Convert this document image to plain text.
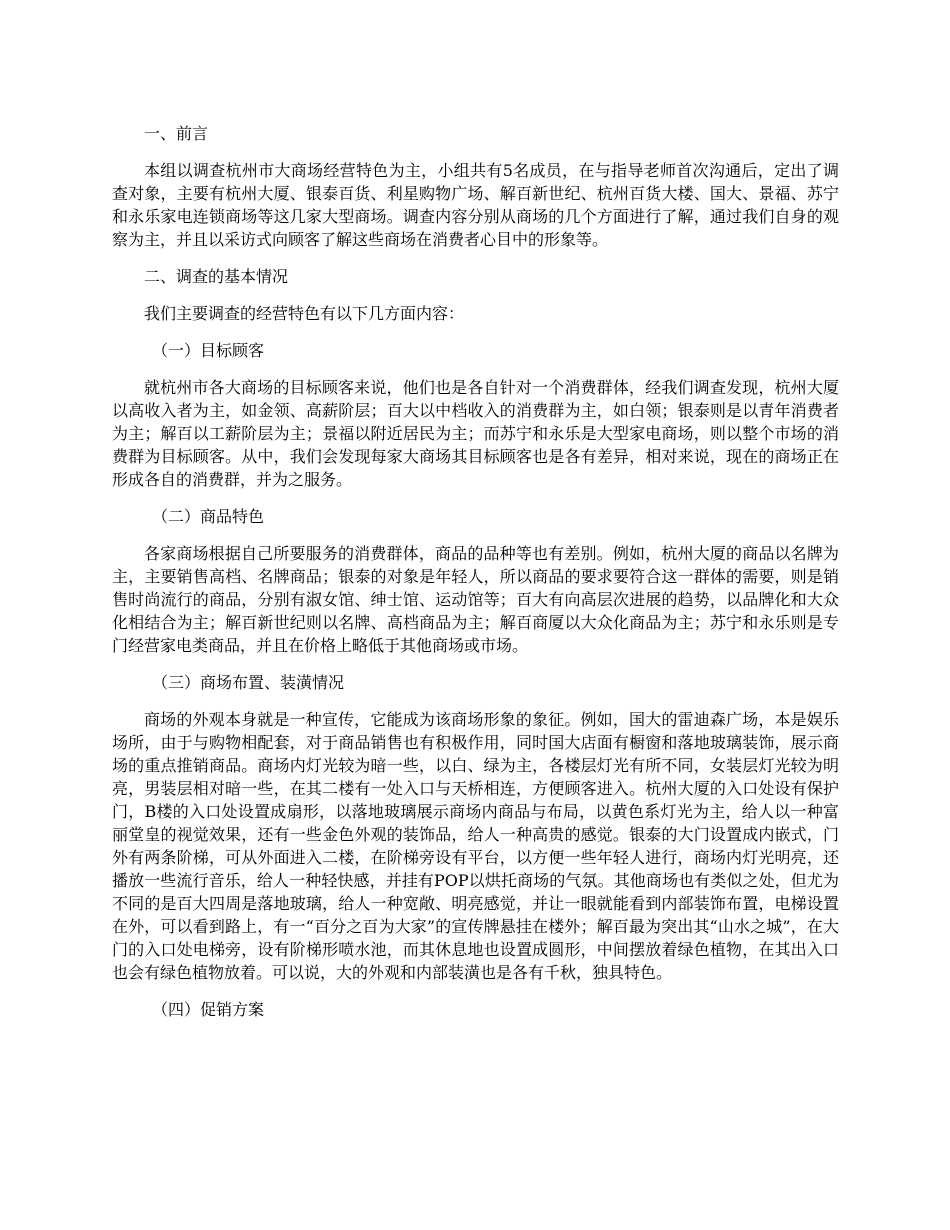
一、前言
本组以调查杭州市大商场经营特色为主，小组共有5名成员，在与指导老师首次沟通后，定出了调查对象，主要有杭州大厦、银泰百货、利星购物广场、解百新世纪、杭州百货大楼、国大、景福、苏宁和永乐家电连锁商场等这几家大型商场。调查内容分别从商场的几个方面进行了解，通过我们自身的观察为主，并且以采访式向顾客了解这些商场在消费者心目中的形象等。
二、调查的基本情况
我们主要调查的经营特色有以下几方面内容：
（一）目标顾客
就杭州市各大商场的目标顾客来说，他们也是各自针对一个消费群体，经我们调查发现，杭州大厦以高收入者为主，如金领、高薪阶层；百大以中档收入的消费群为主，如白领；银泰则是以青年消费者为主；解百以工薪阶层为主；景福以附近居民为主；而苏宁和永乐是大型家电商场，则以整个市场的消费群为目标顾客。从中，我们会发现每家大商场其目标顾客也是各有差异，相对来说，现在的商场正在形成各自的消费群，并为之服务。
（二）商品特色
各家商场根据自己所要服务的消费群体，商品的品种等也有差别。例如，杭州大厦的商品以名牌为主，主要销售高档、名牌商品；银泰的对象是年轻人，所以商品的要求要符合这一群体的需要，则是销售时尚流行的商品，分别有淑女馆、绅士馆、运动馆等；百大有向高层次进展的趋势，以品牌化和大众化相结合为主；解百新世纪则以名牌、高档商品为主；解百商厦以大众化商品为主；苏宁和永乐则是专门经营家电类商品，并且在价格上略低于其他商场或市场。
（三）商场布置、装潢情况
商场的外观本身就是一种宣传，它能成为该商场形象的象征。例如，国大的雷迪森广场，本是娱乐场所，由于与购物相配套，对于商品销售也有积极作用，同时国大店面有橱窗和落地玻璃装饰，展示商场的重点推销商品。商场内灯光较为暗一些，以白、绿为主，各楼层灯光有所不同，女装层灯光较为明亮，男装层相对暗一些，在其二楼有一处入口与天桥相连，方便顾客进入。杭州大厦的入口处设有保护门，B楼的入口处设置成扇形，以落地玻璃展示商场内商品与布局，以黄色系灯光为主，给人以一种富丽堂皇的视觉效果，还有一些金色外观的装饰品，给人一种高贵的感觉。银泰的大门设置成内嵌式，门外有两条阶梯，可从外面进入二楼，在阶梯旁设有平台，以方便一些年轻人进行，商场内灯光明亮，还播放一些流行音乐，给人一种轻快感，并挂有POP以烘托商场的气氛。其他商场也有类似之处，但尤为不同的是百大四周是落地玻璃，给人一种宽敞、明亮感觉，并让一眼就能看到内部装饰布置，电梯设置在外，可以看到路上，有一“百分之百为大家”的宣传牌悬挂在楼外；解百最为突出其“山水之城”，在大门的入口处电梯旁，设有阶梯形喷水池，而其休息地也设置成圆形，中间摆放着绿色植物，在其出入口也会有绿色植物放着。可以说，大的外观和内部装潢也是各有千秋，独具特色。
（四）促销方案
